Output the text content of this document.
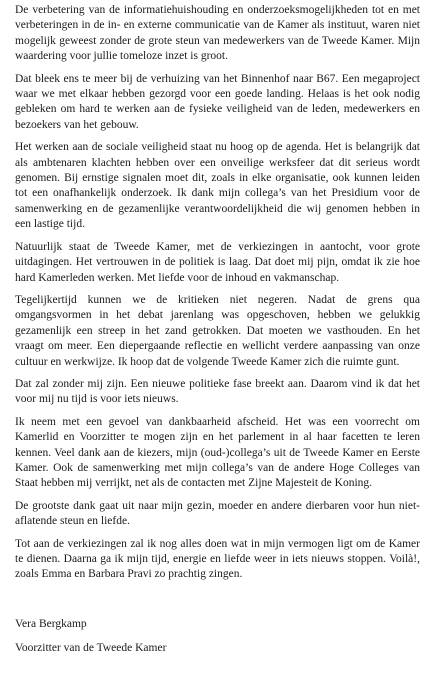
De verbetering van de informatiehuishouding en onderzoeksmogelijkheden tot en met verbeteringen in de in- en externe communicatie van de Kamer als instituut, waren niet mogelijk geweest zonder de grote steun van medewerkers van de Tweede Kamer. Mijn waardering voor jullie tomeloze inzet is groot.

Dat bleek ens te meer bij de verhuizing van het Binnenhof naar B67. Een megaproject waar we met elkaar hebben gezorgd voor een goede landing. Helaas is het ook nodig gebleken om hard te werken aan de fysieke veiligheid van de leden, medewerkers en bezoekers van het gebouw.

Het werken aan de sociale veiligheid staat nu hoog op de agenda. Het is belangrijk dat als ambtenaren klachten hebben over een onveilige werksfeer dat dit serieus wordt genomen. Bij ernstige signalen moet dit, zoals in elke organisatie, ook kunnen leiden tot een onafhankelijk onderzoek. Ik dank mijn collega’s van het Presidium voor de samenwerking en de gezamenlijke verantwoordelijkheid die wij genomen hebben in een lastige tijd.

Natuurlijk staat de Tweede Kamer, met de verkiezingen in aantocht, voor grote uitdagingen. Het vertrouwen in de politiek is laag. Dat doet mij pijn, omdat ik zie hoe hard Kamerleden werken. Met liefde voor de inhoud en vakmanschap.

Tegelijkertijd kunnen we de kritieken niet negeren. Nadat de grens qua omgangsvormen in het debat jarenlang was opgeschoven, hebben we gelukkig gezamenlijk een streep in het zand getrokken. Dat moeten we vasthouden. En het vraagt om meer. Een diepergaande reflectie en wellicht verdere aanpassing van onze cultuur en werkwijze. Ik hoop dat de volgende Tweede Kamer zich die ruimte gunt.

Dat zal zonder mij zijn. Een nieuwe politieke fase breekt aan. Daarom vind ik dat het voor mij nu tijd is voor iets nieuws.

Ik neem met een gevoel van dankbaarheid afscheid. Het was een voorrecht om Kamerlid en Voorzitter te mogen zijn en het parlement in al haar facetten te leren kennen. Veel dank aan de kiezers, mijn (oud-)collega’s uit de Tweede Kamer en Eerste Kamer. Ook de samenwerking met mijn collega’s van de andere Hoge Colleges van Staat hebben mij verrijkt, net als de contacten met Zijne Majesteit de Koning.

De grootste dank gaat uit naar mijn gezin, moeder en andere dierbaren voor hun niet-aflatende steun en liefde.

Tot aan de verkiezingen zal ik nog alles doen wat in mijn vermogen ligt om de Kamer te dienen. Daarna ga ik mijn tijd, energie en liefde weer in iets nieuws stoppen. Voilà!, zoals Emma en Barbara Pravi zo prachtig zingen.

Vera Bergkamp

Voorzitter van de Tweede Kamer
